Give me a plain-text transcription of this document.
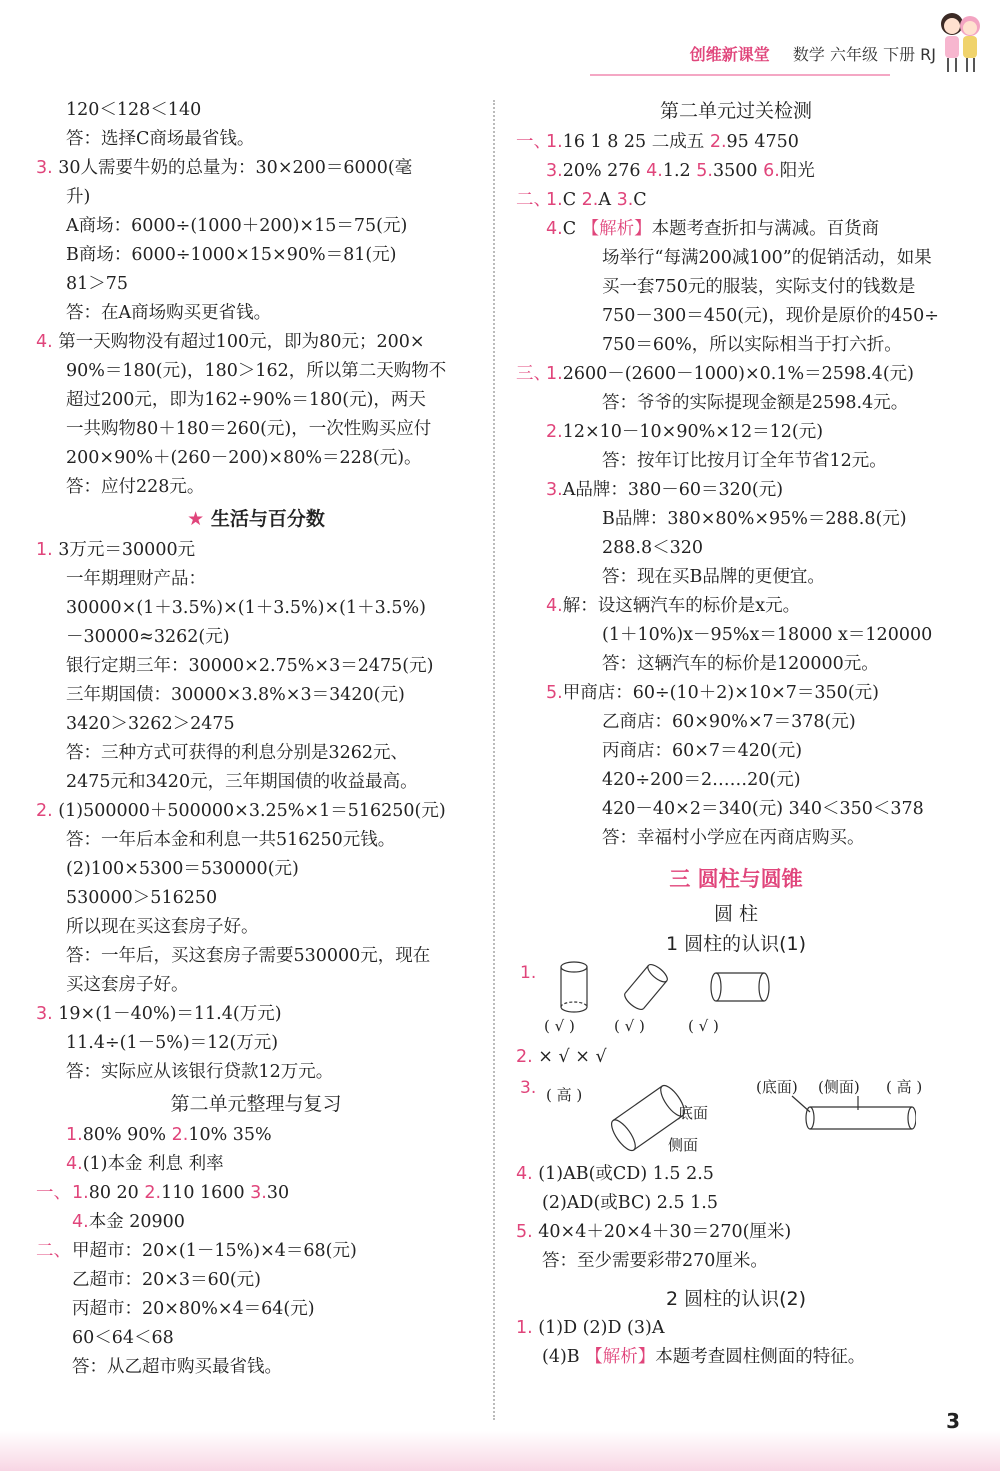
创维新课堂 数学 六年级 下册 RJ
120＜128＜140
答：选择C商场最省钱。
3. 30人需要牛奶的总量为：30×200＝6000(毫
升)
A商场：6000÷(1000＋200)×15＝75(元)
B商场：6000÷1000×15×90%＝81(元)
81＞75
答：在A商场购买更省钱。
4. 第一天购物没有超过100元，即为80元；200×
90%＝180(元)，180＞162，所以第二天购物不
超过200元，即为162÷90%＝180(元)，两天
一共购物80＋180＝260(元)，一次性购买应付
200×90%＋(260－200)×80%＝228(元)。
答：应付228元。
★ 生活与百分数
1. 3万元＝30000元
一年期理财产品：
30000×(1＋3.5%)×(1＋3.5%)×(1＋3.5%)
－30000≈3262(元)
银行定期三年：30000×2.75%×3＝2475(元)
三年期国债：30000×3.8%×3＝3420(元)
3420＞3262＞2475
答：三种方式可获得的利息分别是3262元、
2475元和3420元，三年期国债的收益最高。
2. (1)500000＋500000×3.25%×1＝516250(元)
答：一年后本金和利息一共516250元钱。
(2)100×5300＝530000(元)
530000＞516250
所以现在买这套房子好。
答：一年后，买这套房子需要530000元，现在
买这套房子好。
3. 19×(1－40%)＝11.4(万元)
11.4÷(1－5%)＝12(万元)
答：实际应从该银行贷款12万元。
第二单元整理与复习
1.80% 90% 2.10% 35%
4.(1)本金 利息 利率
一、1.80 20 2.110 1600 3.30
4.本金 20900
二、甲超市：20×(1－15%)×4＝68(元)
乙超市：20×3＝60(元)
丙超市：20×80%×4＝64(元)
60＜64＜68
答：从乙超市购买最省钱。
第二单元过关检测
一、1.16 1 8 25 二成五 2.95 4750
3.20% 276 4.1.2 5.3500 6.阳光
二、1.C 2.A 3.C
4.C 【解析】本题考查折扣与满减。百货商
场举行“每满200减100”的促销活动，如果
买一套750元的服装，实际支付的钱数是
750－300＝450(元)，现价是原价的450÷
750＝60%，所以实际相当于打六折。
三、1.2600－(2600－1000)×0.1%＝2598.4(元)
答：爷爷的实际提现金额是2598.4元。
2.12×10－10×90%×12＝12(元)
答：按年订比按月订全年节省12元。
3.A品牌：380－60＝320(元)
B品牌：380×80%×95%＝288.8(元)
288.8＜320
答：现在买B品牌的更便宜。
4.解：设这辆汽车的标价是x元。
(1＋10%)x－95%x＝18000 x＝120000
答：这辆汽车的标价是120000元。
5.甲商店：60÷(10＋2)×10×7＝350(元)
乙商店：60×90%×7＝378(元)
丙商店：60×7＝420(元)
420÷200＝2……20(元)
420－40×2＝340(元) 340＜350＜378
答：幸福村小学应在丙商店购买。
三 圆柱与圆锥
圆 柱
1 圆柱的认识(1)
1.
( √ )	( √ )	( √ )
2. × √ × √
3. ( 高 )
底面
侧面
(底面) (侧面) ( 高 )
4. (1)AB(或CD) 1.5 2.5
(2)AD(或BC) 2.5 1.5
5. 40×4＋20×4＋30＝270(厘米)
答：至少需要彩带270厘米。
2 圆柱的认识(2)
1. (1)D (2)D (3)A
(4)B 【解析】本题考查圆柱侧面的特征。
3
